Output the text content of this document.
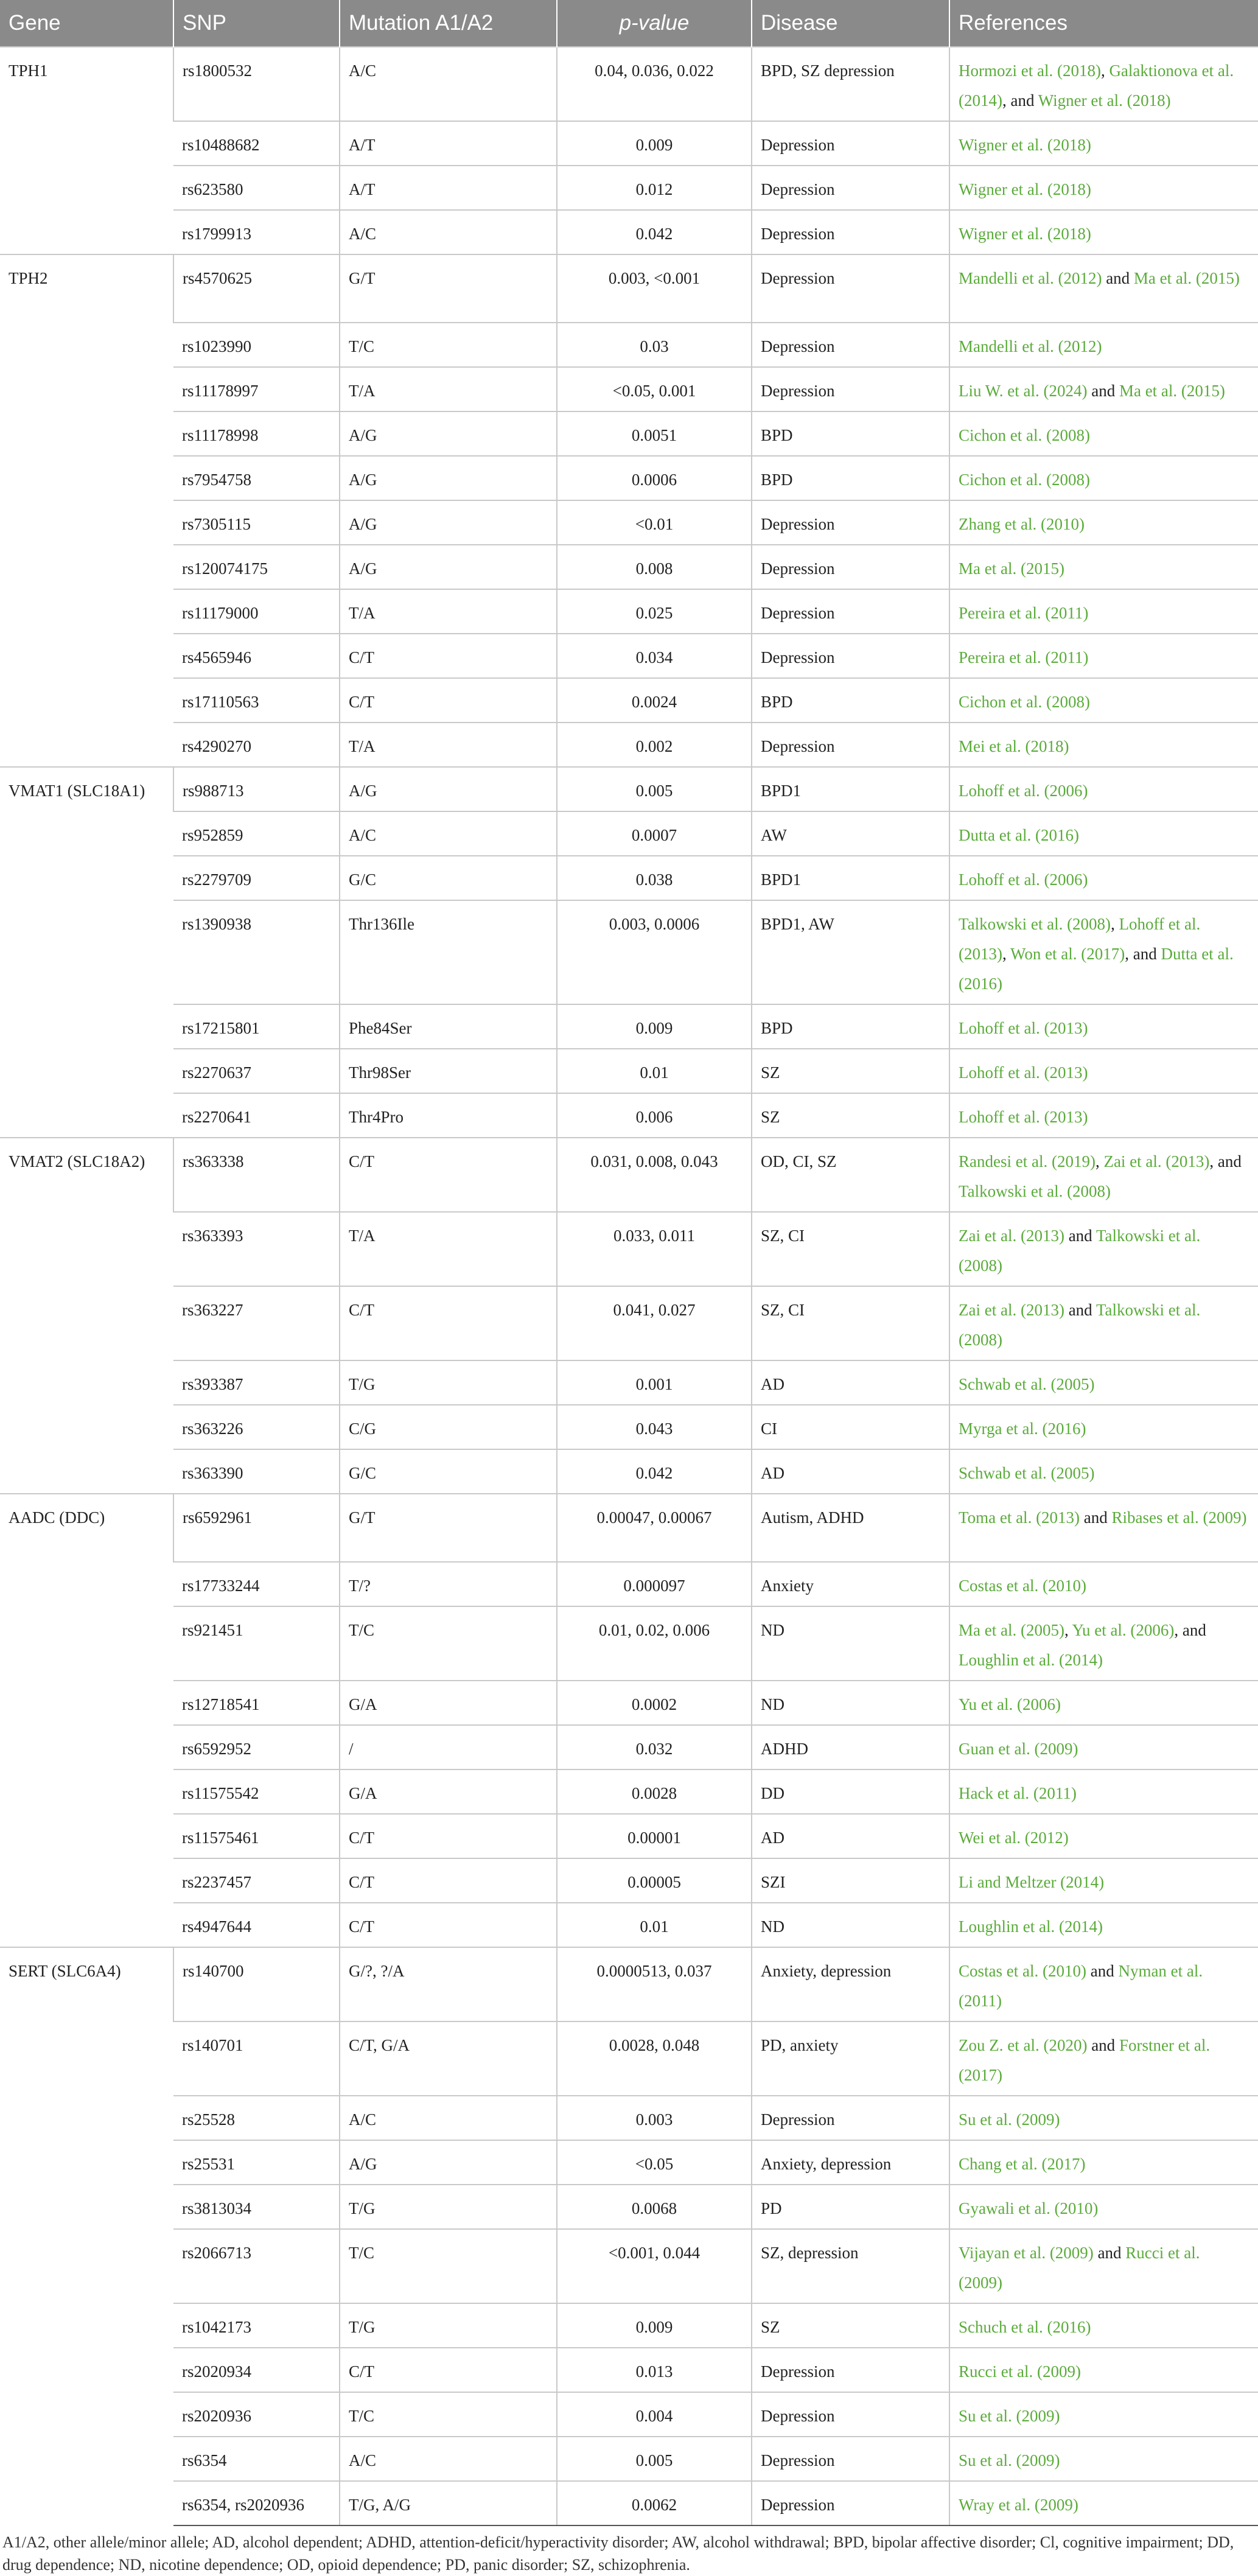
Gene	SNP	Mutation A1/A2	p-value	Disease	References
TPH1	rs1800532	A/C	0.04, 0.036, 0.022	BPD, SZ depression	Hormozi et al. (2018), Galaktionova et al. (2014), and Wigner et al. (2018)
	rs10488682	A/T	0.009	Depression	Wigner et al. (2018)
	rs623580	A/T	0.012	Depression	Wigner et al. (2018)
	rs1799913	A/C	0.042	Depression	Wigner et al. (2018)
TPH2	rs4570625	G/T	0.003, <0.001	Depression	Mandelli et al. (2012) and Ma et al. (2015)
	rs1023990	T/C	0.03	Depression	Mandelli et al. (2012)
	rs11178997	T/A	<0.05, 0.001	Depression	Liu W. et al. (2024) and Ma et al. (2015)
	rs11178998	A/G	0.0051	BPD	Cichon et al. (2008)
	rs7954758	A/G	0.0006	BPD	Cichon et al. (2008)
	rs7305115	A/G	<0.01	Depression	Zhang et al. (2010)
	rs120074175	A/G	0.008	Depression	Ma et al. (2015)
	rs11179000	T/A	0.025	Depression	Pereira et al. (2011)
	rs4565946	C/T	0.034	Depression	Pereira et al. (2011)
	rs17110563	C/T	0.0024	BPD	Cichon et al. (2008)
	rs4290270	T/A	0.002	Depression	Mei et al. (2018)
VMAT1 (SLC18A1)	rs988713	A/G	0.005	BPD1	Lohoff et al. (2006)
	rs952859	A/C	0.0007	AW	Dutta et al. (2016)
	rs2279709	G/C	0.038	BPD1	Lohoff et al. (2006)
	rs1390938	Thr136Ile	0.003, 0.0006	BPD1, AW	Talkowski et al. (2008), Lohoff et al. (2013), Won et al. (2017), and Dutta et al. (2016)
	rs17215801	Phe84Ser	0.009	BPD	Lohoff et al. (2013)
	rs2270637	Thr98Ser	0.01	SZ	Lohoff et al. (2013)
	rs2270641	Thr4Pro	0.006	SZ	Lohoff et al. (2013)
VMAT2 (SLC18A2)	rs363338	C/T	0.031, 0.008, 0.043	OD, CI, SZ	Randesi et al. (2019), Zai et al. (2013), and Talkowski et al. (2008)
	rs363393	T/A	0.033, 0.011	SZ, CI	Zai et al. (2013) and Talkowski et al. (2008)
	rs363227	C/T	0.041, 0.027	SZ, CI	Zai et al. (2013) and Talkowski et al. (2008)
	rs393387	T/G	0.001	AD	Schwab et al. (2005)
	rs363226	C/G	0.043	CI	Myrga et al. (2016)
	rs363390	G/C	0.042	AD	Schwab et al. (2005)
AADC (DDC)	rs6592961	G/T	0.00047, 0.00067	Autism, ADHD	Toma et al. (2013) and Ribases et al. (2009)
	rs17733244	T/?	0.000097	Anxiety	Costas et al. (2010)
	rs921451	T/C	0.01, 0.02, 0.006	ND	Ma et al. (2005), Yu et al. (2006), and Loughlin et al. (2014)
	rs12718541	G/A	0.0002	ND	Yu et al. (2006)
	rs6592952	/	0.032	ADHD	Guan et al. (2009)
	rs11575542	G/A	0.0028	DD	Hack et al. (2011)
	rs11575461	C/T	0.00001	AD	Wei et al. (2012)
	rs2237457	C/T	0.00005	SZI	Li and Meltzer (2014)
	rs4947644	C/T	0.01	ND	Loughlin et al. (2014)
SERT (SLC6A4)	rs140700	G/?, ?/A	0.0000513, 0.037	Anxiety, depression	Costas et al. (2010) and Nyman et al. (2011)
	rs140701	C/T, G/A	0.0028, 0.048	PD, anxiety	Zou Z. et al. (2020) and Forstner et al. (2017)
	rs25528	A/C	0.003	Depression	Su et al. (2009)
	rs25531	A/G	<0.05	Anxiety, depression	Chang et al. (2017)
	rs3813034	T/G	0.0068	PD	Gyawali et al. (2010)
	rs2066713	T/C	<0.001, 0.044	SZ, depression	Vijayan et al. (2009) and Rucci et al. (2009)
	rs1042173	T/G	0.009	SZ	Schuch et al. (2016)
	rs2020934	C/T	0.013	Depression	Rucci et al. (2009)
	rs2020936	T/C	0.004	Depression	Su et al. (2009)
	rs6354	A/C	0.005	Depression	Su et al. (2009)
	rs6354, rs2020936	T/G, A/G	0.0062	Depression	Wray et al. (2009)
A1/A2, other allele/minor allele; AD, alcohol dependent; ADHD, attention-deficit/hyperactivity disorder; AW, alcohol withdrawal; BPD, bipolar affective disorder; Cl, cognitive impairment; DD, drug dependence; ND, nicotine dependence; OD, opioid dependence; PD, panic disorder; SZ, schizophrenia.
